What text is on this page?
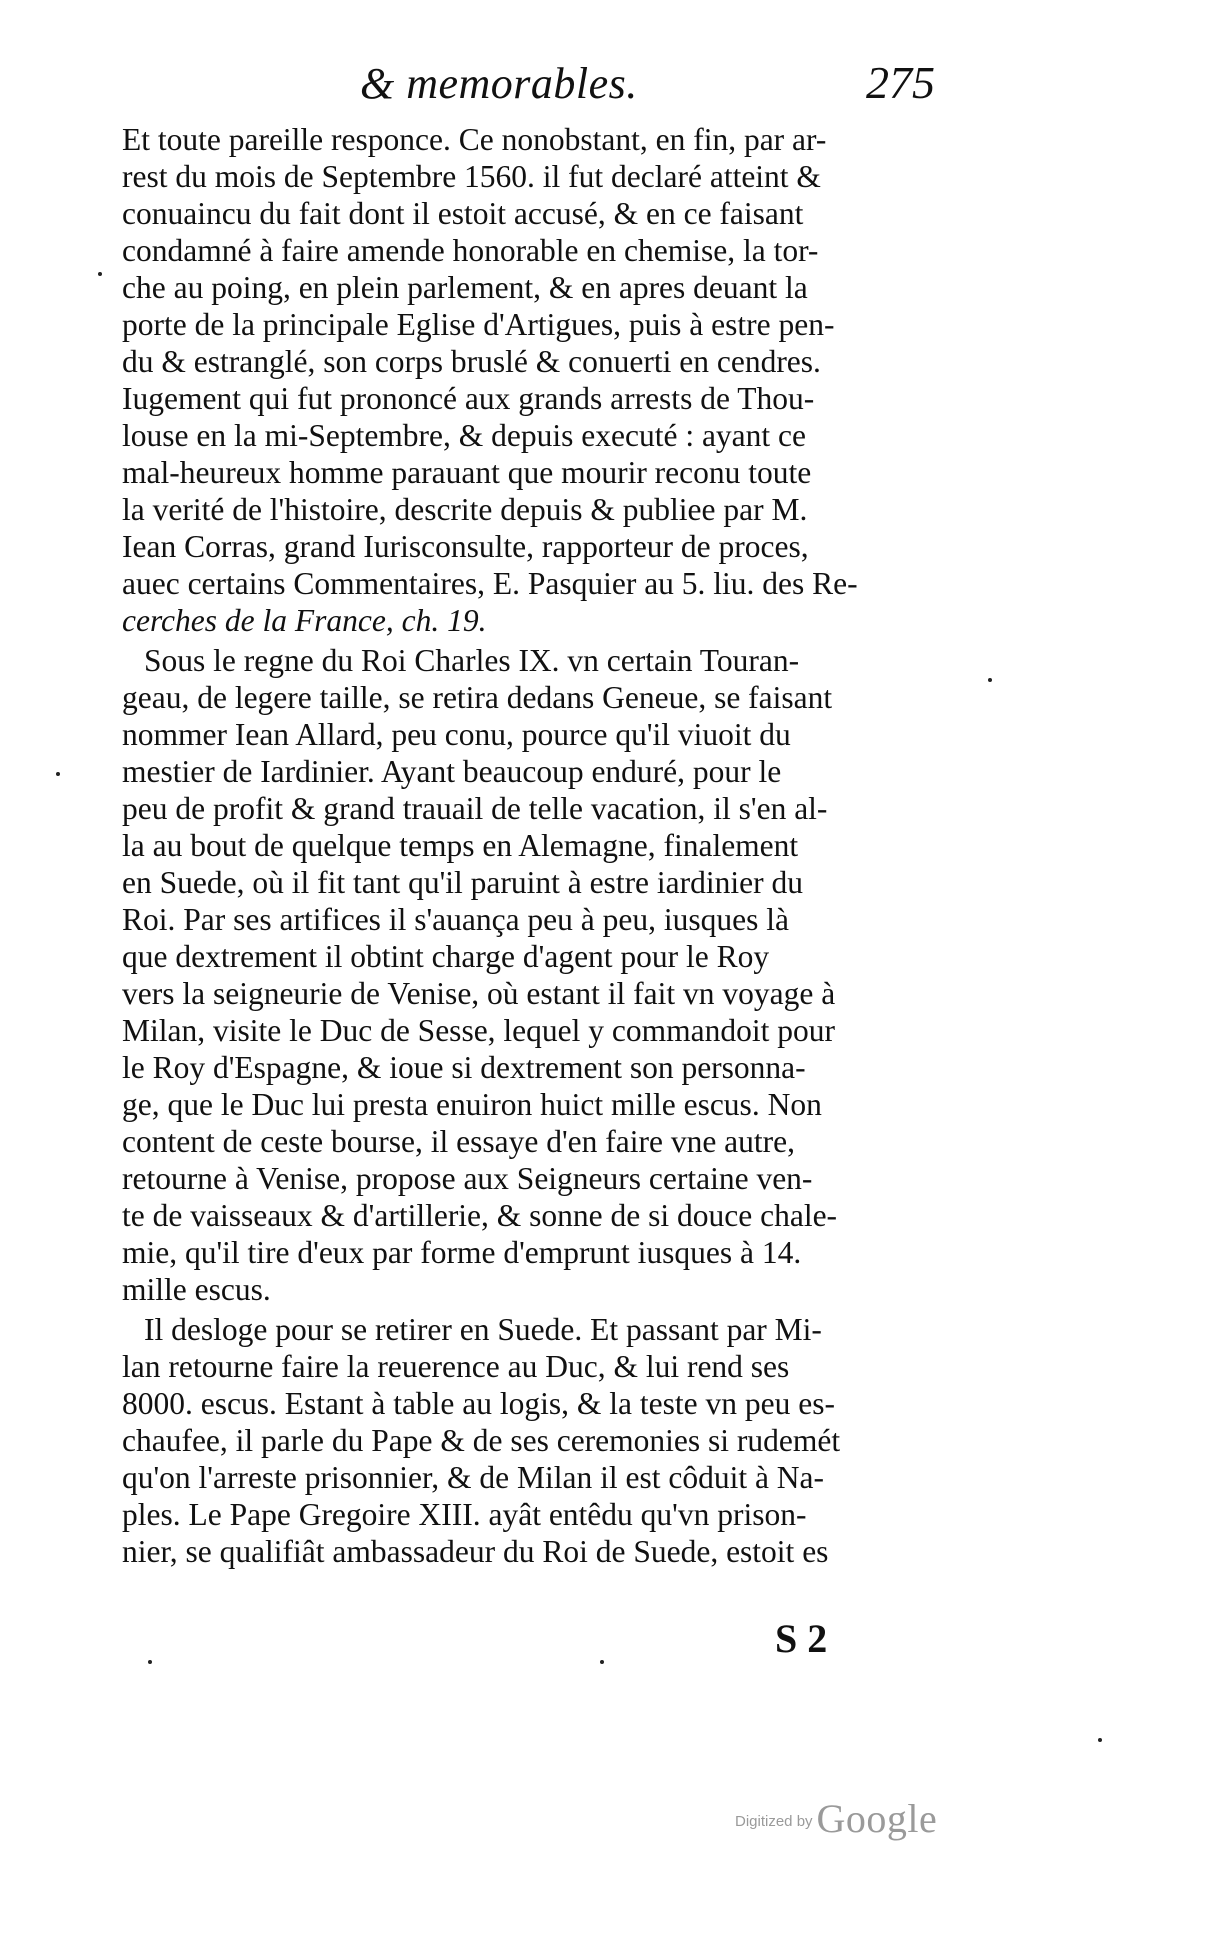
& memorables.	275
Et toute pareille responce. Ce nonobstant, en fin, par ar-
rest du mois de Septembre 1560. il fut declaré atteint &
conuaincu du fait dont il estoit accusé, & en ce faisant
condamné à faire amende honorable en chemise, la tor-
che au poing, en plein parlement, & en apres deuant la
porte de la principale Eglise d'Artigues, puis à estre pen-
du & estranglé, son corps bruslé & conuerti en cendres.
Iugement qui fut prononcé aux grands arrests de Thou-
louse en la mi-Septembre, & depuis executé : ayant ce
mal-heureux homme parauant que mourir reconu toute
la verité de l'histoire, descrite depuis & publiee par M.
Iean Corras, grand Iurisconsulte, rapporteur de proces,
auec certains Commentaires, E. Pasquier au 5. liu. des Re-
cerches de la France, ch. 19.
Sous le regne du Roi Charles IX. vn certain Touran-
geau, de legere taille, se retira dedans Geneue, se faisant
nommer Iean Allard, peu conu, pource qu'il viuoit du
mestier de Iardinier. Ayant beaucoup enduré, pour le
peu de profit & grand trauail de telle vacation, il s'en al-
la au bout de quelque temps en Alemagne, finalement
en Suede, où il fit tant qu'il paruint à estre iardinier du
Roi. Par ses artifices il s'auança peu à peu, iusques là
que dextrement il obtint charge d'agent pour le Roy
vers la seigneurie de Venise, où estant il fait vn voyage à
Milan, visite le Duc de Sesse, lequel y commandoit pour
le Roy d'Espagne, & ioue si dextrement son personna-
ge, que le Duc lui presta enuiron huict mille escus. Non
content de ceste bourse, il essaye d'en faire vne autre,
retourne à Venise, propose aux Seigneurs certaine ven-
te de vaisseaux & d'artillerie, & sonne de si douce chale-
mie, qu'il tire d'eux par forme d'emprunt iusques à 14.
mille escus.
Il desloge pour se retirer en Suede. Et passant par Mi-
lan retourne faire la reuerence au Duc, & lui rend ses
8000. escus. Estant à table au logis, & la teste vn peu es-
chaufee, il parle du Pape & de ses ceremonies si rudemét
qu'on l'arreste prisonnier, & de Milan il est côduit à Na-
ples. Le Pape Gregoire XIII. ayât entêdu qu'vn prison-
nier, se qualifiât ambassadeur du Roi de Suede, estoit es
S 2
Digitized by Google
